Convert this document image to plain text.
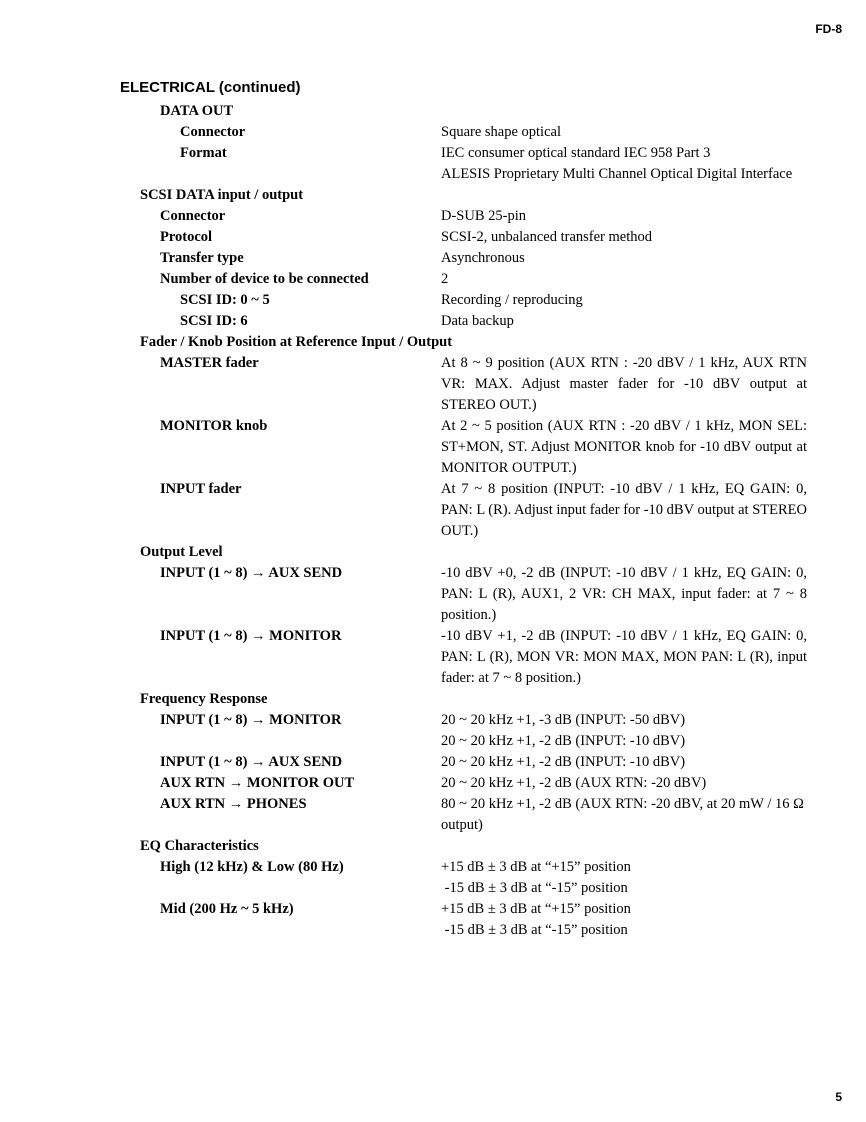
FD-8
ELECTRICAL (continued)
DATA OUT
Connector	Square shape optical
Format	IEC consumer optical standard IEC 958 Part 3
ALESIS Proprietary Multi Channel Optical Digital Interface
SCSI DATA input / output
Connector	D-SUB 25-pin
Protocol	SCSI-2, unbalanced transfer method
Transfer type	Asynchronous
Number of device to be connected	2
SCSI ID: 0 ~ 5	Recording / reproducing
SCSI ID: 6	Data backup
Fader / Knob Position at Reference Input / Output
MASTER fader	At 8 ~ 9 position (AUX RTN : -20 dBV / 1 kHz, AUX RTN VR: MAX. Adjust master fader for -10 dBV output at STEREO OUT.)
MONITOR knob	At 2 ~ 5 position (AUX RTN : -20 dBV / 1 kHz, MON SEL: ST+MON, ST. Adjust MONITOR knob for -10 dBV output at MONITOR OUTPUT.)
INPUT fader	At 7 ~ 8 position (INPUT: -10 dBV / 1 kHz, EQ GAIN: 0, PAN: L (R). Adjust input fader for -10 dBV output at STEREO OUT.)
Output Level
INPUT (1 ~ 8) → AUX SEND	-10 dBV +0, -2 dB (INPUT: -10 dBV / 1 kHz, EQ GAIN: 0, PAN: L (R), AUX1, 2 VR: CH MAX, input fader: at 7 ~ 8 position.)
INPUT (1 ~ 8) → MONITOR	-10 dBV +1, -2 dB (INPUT: -10 dBV / 1 kHz, EQ GAIN: 0, PAN: L (R), MON VR: MON MAX, MON PAN: L (R), input fader: at 7 ~ 8 position.)
Frequency Response
INPUT (1 ~ 8) → MONITOR	20 ~ 20 kHz +1, -3 dB (INPUT: -50 dBV)
20 ~ 20 kHz +1, -2 dB (INPUT: -10 dBV)
INPUT (1 ~ 8) → AUX SEND	20 ~ 20 kHz +1, -2 dB (INPUT: -10 dBV)
AUX RTN → MONITOR OUT	20 ~ 20 kHz +1, -2 dB (AUX RTN: -20 dBV)
AUX RTN → PHONES	80 ~ 20 kHz +1, -2 dB (AUX RTN: -20 dBV, at 20 mW / 16 Ω output)
EQ Characteristics
High (12 kHz) & Low (80 Hz)	+15 dB ± 3 dB at “+15” position
-15 dB ± 3 dB at “-15” position
Mid (200 Hz ~ 5 kHz)	+15 dB ± 3 dB at “+15” position
-15 dB ± 3 dB at “-15” position
5
